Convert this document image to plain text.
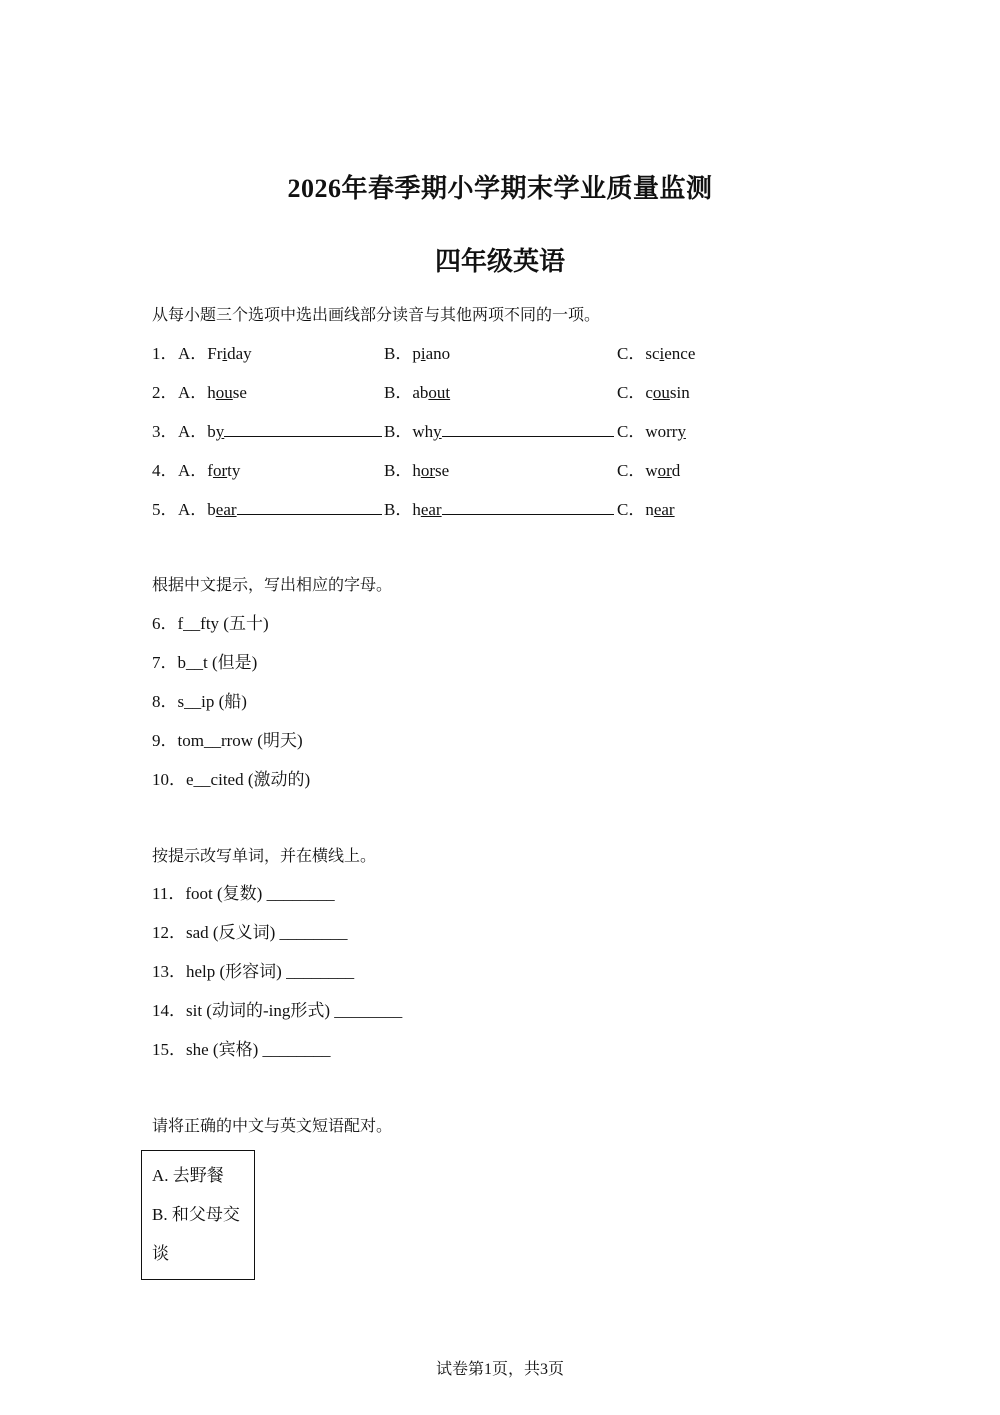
2026年春季期小学期末学业质量监测
四年级英语
从每小题三个选项中选出画线部分读音与其他两项不同的一项。
1． A．Friday	B．piano	C．science
2． A．house	B．about	C．cousin
3． A．by	B．why	C．worry
4． A．forty	B．horse	C．word
5． A．bear	B．hear	C．near
根据中文提示，写出相应的字母。
6．f__fty (五十)
7．b__t (但是)
8．s__ip (船)
9．tom__rrow (明天)
10．e__cited (激动的)
按提示改写单词，并在横线上。
11．foot (复数) ________
12．sad (反义词) ________
13．help (形容词) ________
14．sit (动词的-ing形式) ________
15．she (宾格) ________
请将正确的中文与英文短语配对。
A. 去野餐
B. 和父母交
谈
试卷第1页，共3页
